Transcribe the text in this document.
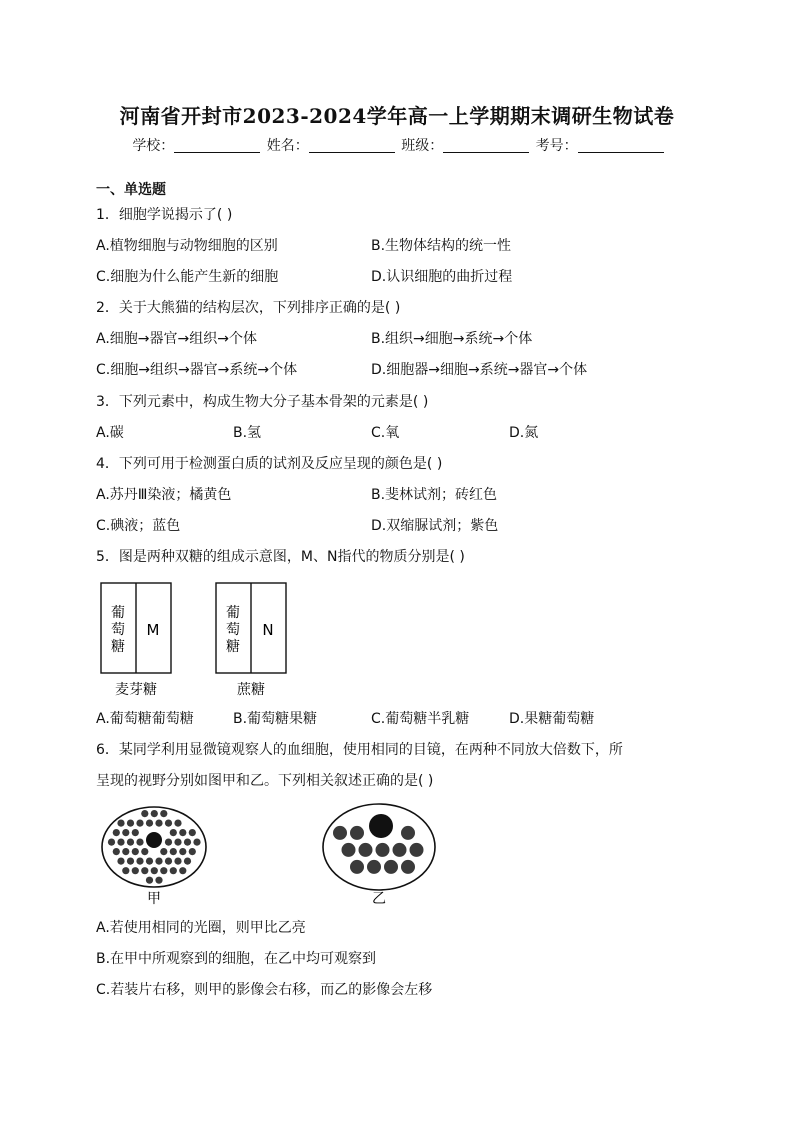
河南省开封市2023-2024学年高一上学期期末调研生物试卷
学校：	姓名：	班级：	考号：
一、单选题
1．细胞学说揭示了( )
A.植物细胞与动物细胞的区别	B.生物体结构的统一性
C.细胞为什么能产生新的细胞	D.认识细胞的曲折过程
2．关于大熊猫的结构层次，下列排序正确的是( )
A.细胞→器官→组织→个体	B.组织→细胞→系统→个体
C.细胞→组织→器官→系统→个体	D.细胞器→细胞→系统→器官→个体
3．下列元素中，构成生物大分子基本骨架的元素是( )
A.碳	B.氢	C.氧	D.氮
4．下列可用于检测蛋白质的试剂及反应呈现的颜色是( )
A.苏丹Ⅲ染液；橘黄色	B.斐林试剂；砖红色
C.碘液；蓝色	D.双缩脲试剂；紫色
5．图是两种双糖的组成示意图，M、N指代的物质分别是( )
葡
萄
糖
M
麦芽糖
葡
萄
糖
N
蔗糖
A.葡萄糖葡萄糖	B.葡萄糖果糖	C.葡萄糖半乳糖	D.果糖葡萄糖
6．某同学利用显微镜观察人的血细胞，使用相同的目镜，在两种不同放大倍数下，所
呈现的视野分别如图甲和乙。下列相关叙述正确的是( )
甲	乙
A.若使用相同的光圈，则甲比乙亮
B.在甲中所观察到的细胞，在乙中均可观察到
C.若装片右移，则甲的影像会右移，而乙的影像会左移
